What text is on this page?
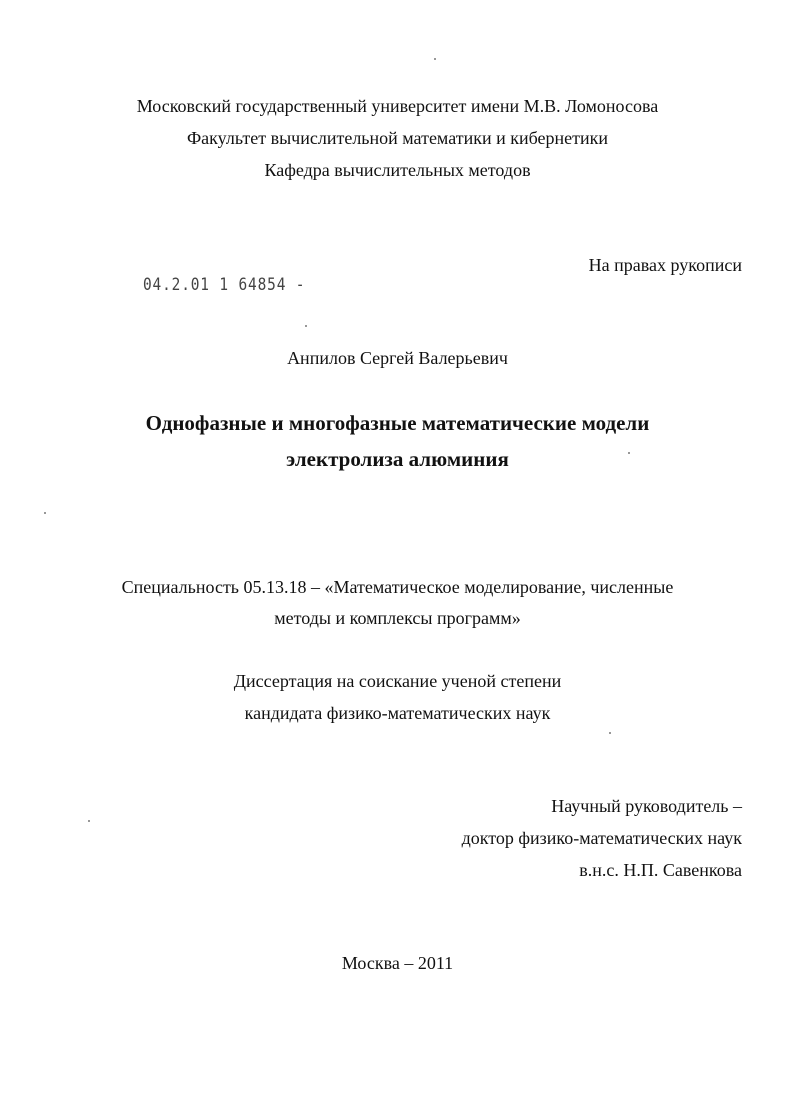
Московский государственный университет имени М.В. Ломоносова
Факультет вычислительной математики и кибернетики
Кафедра вычислительных методов
На правах рукописи
04.2.01 1 64854 -
Анпилов Сергей Валерьевич
Однофазные и многофазные математические модели
электролиза алюминия
Специальность 05.13.18 – «Математическое моделирование, численные
методы и комплексы программ»
Диссертация на соискание ученой степени
кандидата физико-математических наук
Научный руководитель –
доктор физико-математических наук
в.н.с. Н.П. Савенкова
Москва – 2011
